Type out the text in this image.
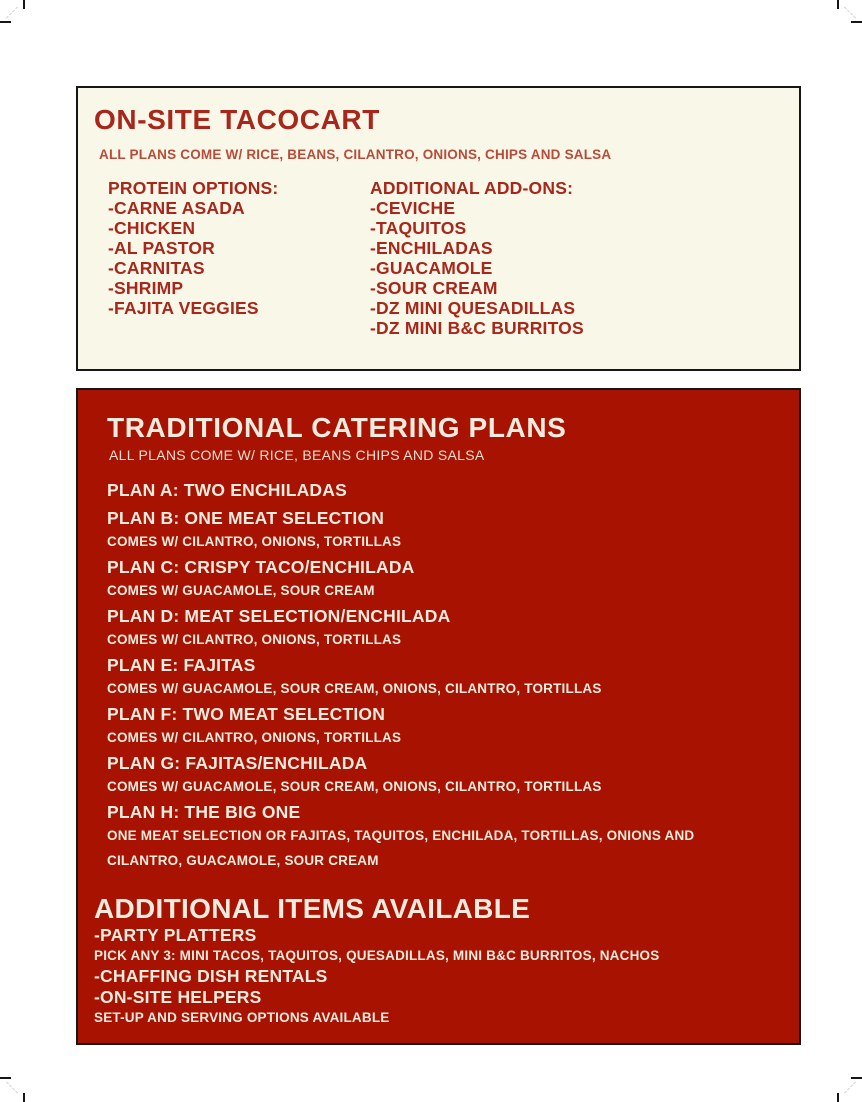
ON-SITE TACOCART
ALL PLANS COME W/ RICE, BEANS, CILANTRO, ONIONS, CHIPS AND SALSA
PROTEIN OPTIONS:
-CARNE ASADA
-CHICKEN
-AL PASTOR
-CARNITAS
-SHRIMP
-FAJITA VEGGIES
ADDITIONAL ADD-ONS:
-CEVICHE
-TAQUITOS
-ENCHILADAS
-GUACAMOLE
-SOUR CREAM
-DZ MINI QUESADILLAS
-DZ MINI B&C BURRITOS
TRADITIONAL CATERING PLANS
ALL PLANS COME W/ RICE, BEANS CHIPS AND SALSA
PLAN A: TWO ENCHILADAS
PLAN B: ONE MEAT SELECTION
COMES W/ CILANTRO, ONIONS, TORTILLAS
PLAN C: CRISPY TACO/ENCHILADA
COMES W/ GUACAMOLE, SOUR CREAM
PLAN D: MEAT SELECTION/ENCHILADA
COMES W/ CILANTRO, ONIONS, TORTILLAS
PLAN E: FAJITAS
COMES W/ GUACAMOLE, SOUR CREAM, ONIONS, CILANTRO, TORTILLAS
PLAN F: TWO MEAT SELECTION
COMES W/ CILANTRO, ONIONS, TORTILLAS
PLAN G: FAJITAS/ENCHILADA
COMES W/ GUACAMOLE, SOUR CREAM, ONIONS, CILANTRO, TORTILLAS
PLAN H: THE BIG ONE
ONE MEAT SELECTION OR FAJITAS, TAQUITOS, ENCHILADA, TORTILLAS, ONIONS AND CILANTRO, GUACAMOLE, SOUR CREAM
ADDITIONAL ITEMS AVAILABLE
-PARTY PLATTERS
PICK ANY 3: MINI TACOS, TAQUITOS, QUESADILLAS, MINI B&C BURRITOS, NACHOS
-CHAFFING DISH RENTALS
-ON-SITE HELPERS
SET-UP AND SERVING OPTIONS AVAILABLE
